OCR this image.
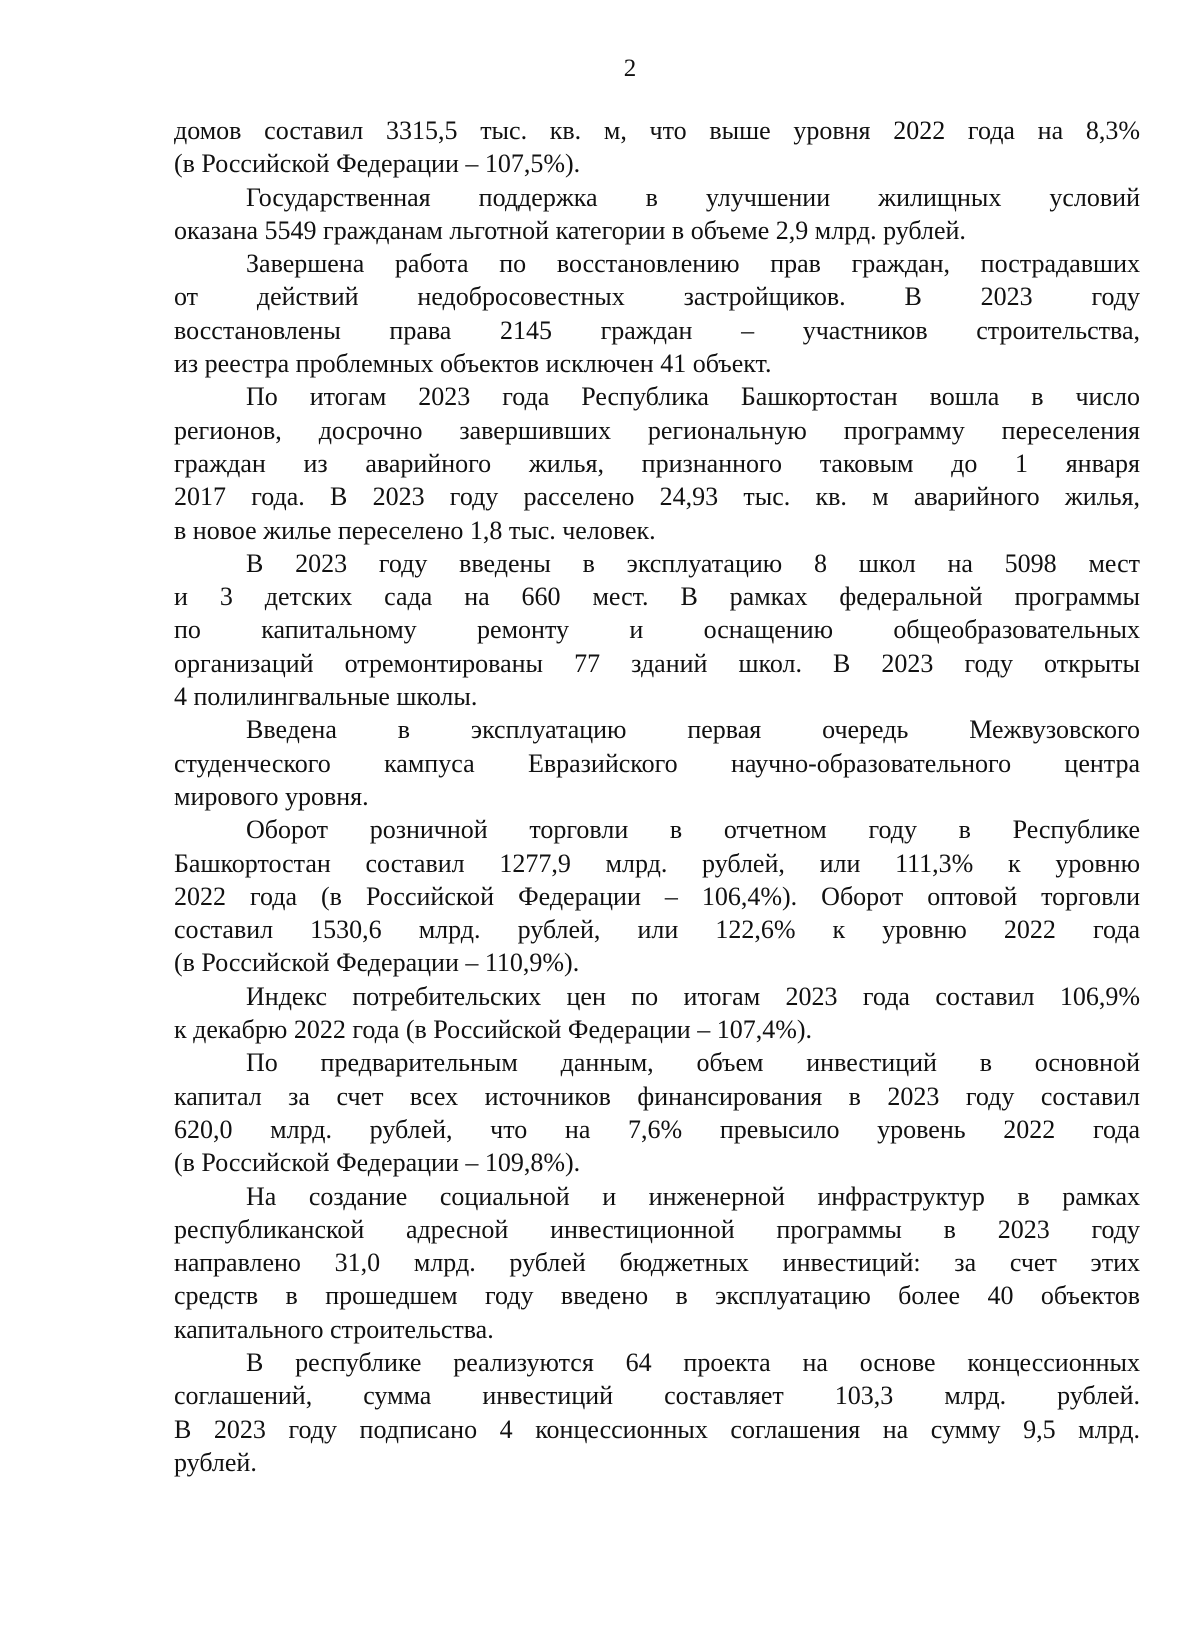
2

домов составил 3315,5 тыс. кв. м, что выше уровня 2022 года на 8,3%
(в Российской Федерации – 107,5%).

Государственная поддержка в улучшении жилищных условий
оказана 5549 гражданам льготной категории в объеме 2,9 млрд. рублей.

Завершена работа по восстановлению прав граждан, пострадавших
от действий недобросовестных застройщиков. В 2023 году
восстановлены права 2145 граждан – участников строительства,
из реестра проблемных объектов исключен 41 объект.

По итогам 2023 года Республика Башкортостан вошла в число
регионов, досрочно завершивших региональную программу переселения
граждан из аварийного жилья, признанного таковым до 1 января
2017 года. В 2023 году расселено 24,93 тыс. кв. м аварийного жилья,
в новое жилье переселено 1,8 тыс. человек.

В 2023 году введены в эксплуатацию 8 школ на 5098 мест
и 3 детских сада на 660 мест. В рамках федеральной программы
по капитальному ремонту и оснащению общеобразовательных
организаций отремонтированы 77 зданий школ. В 2023 году открыты
4 полилингвальные школы.

Введена в эксплуатацию первая очередь Межвузовского
студенческого кампуса Евразийского научно-образовательного центра
мирового уровня.

Оборот розничной торговли в отчетном году в Республике
Башкортостан составил 1277,9 млрд. рублей, или 111,3% к уровню
2022 года (в Российской Федерации – 106,4%). Оборот оптовой торговли
составил 1530,6 млрд. рублей, или 122,6% к уровню 2022 года
(в Российской Федерации – 110,9%).

Индекс потребительских цен по итогам 2023 года составил 106,9%
к декабрю 2022 года (в Российской Федерации – 107,4%).

По предварительным данным, объем инвестиций в основной
капитал за счет всех источников финансирования в 2023 году составил
620,0 млрд. рублей, что на 7,6% превысило уровень 2022 года
(в Российской Федерации – 109,8%).

На создание социальной и инженерной инфраструктур в рамках
республиканской адресной инвестиционной программы в 2023 году
направлено 31,0 млрд. рублей бюджетных инвестиций: за счет этих
средств в прошедшем году введено в эксплуатацию более 40 объектов
капитального строительства.

В республике реализуются 64 проекта на основе концессионных
соглашений, сумма инвестиций составляет 103,3 млрд. рублей.
В 2023 году подписано 4 концессионных соглашения на сумму 9,5 млрд.
рублей.
